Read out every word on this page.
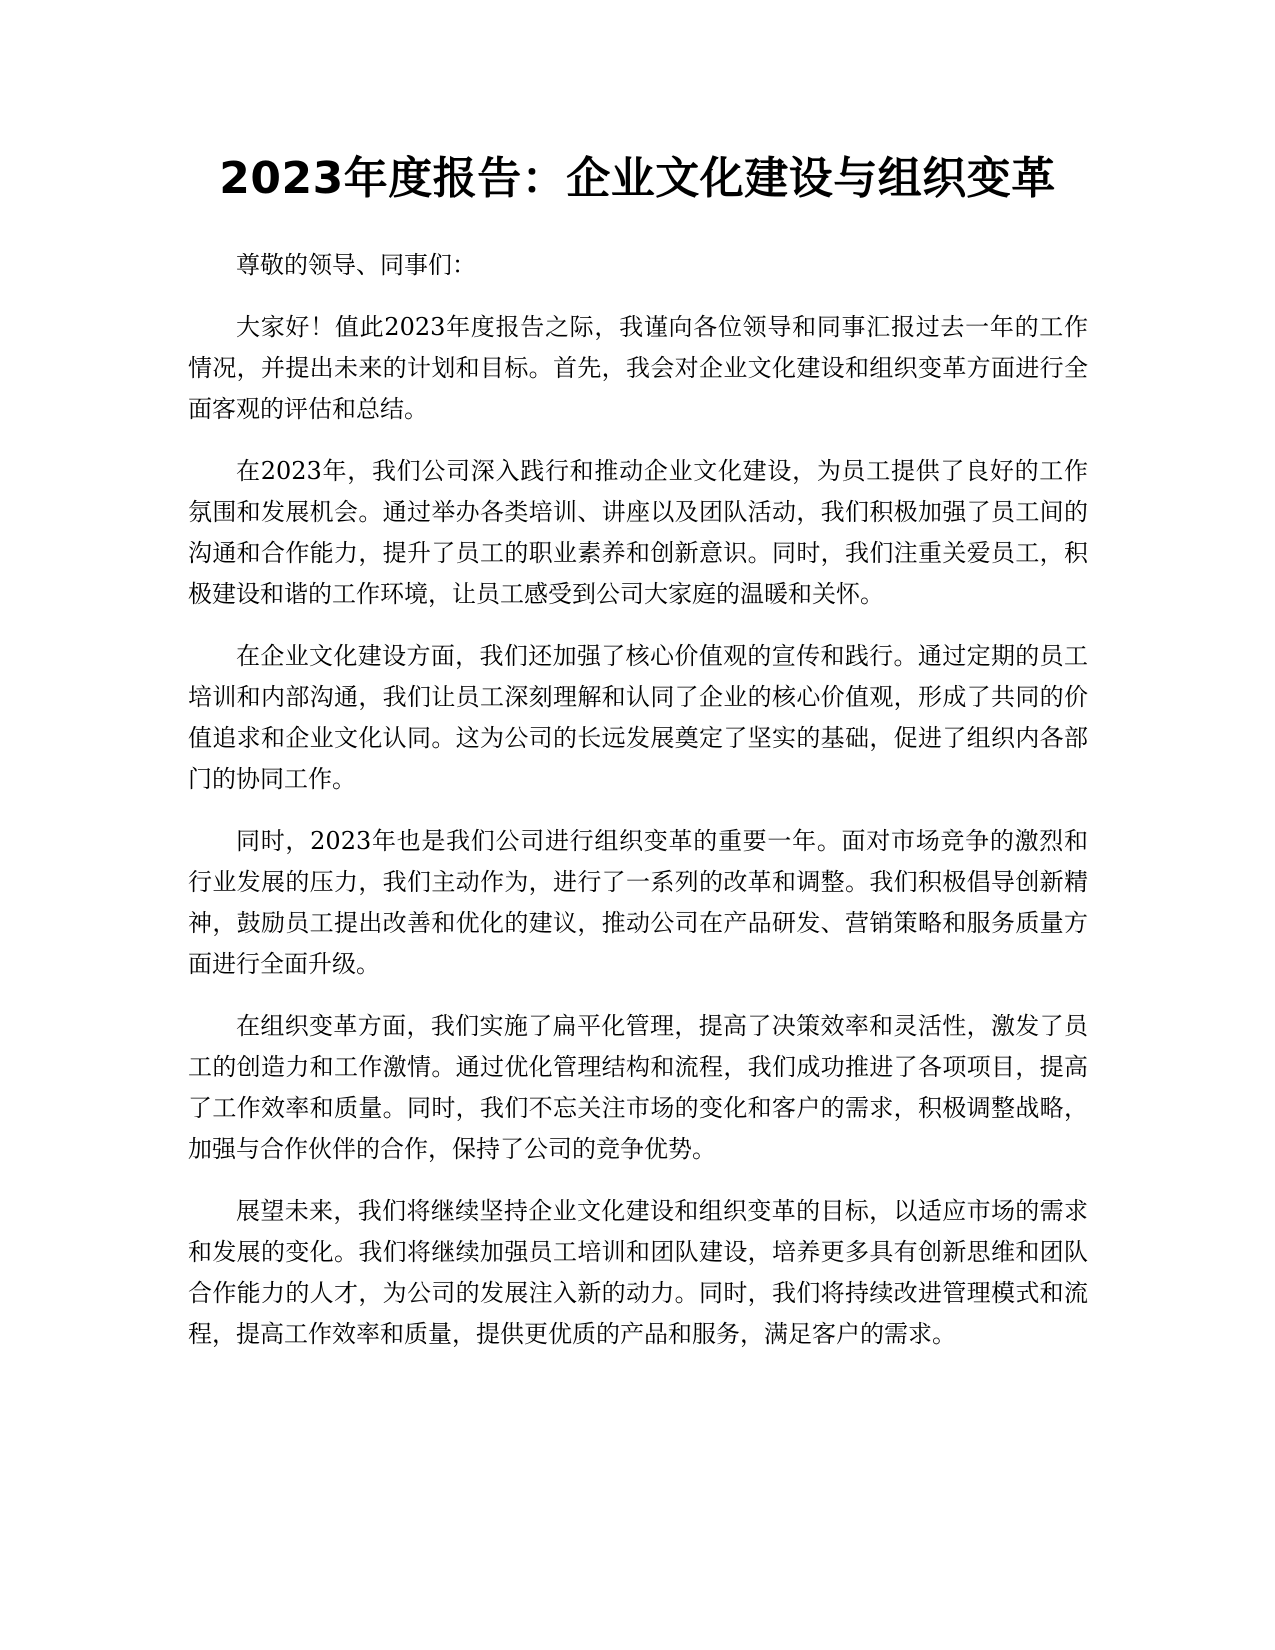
2023年度报告：企业文化建设与组织变革

尊敬的领导、同事们：

大家好！值此2023年度报告之际，我谨向各位领导和同事汇报过去一年的工作情况，并提出未来的计划和目标。首先，我会对企业文化建设和组织变革方面进行全面客观的评估和总结。

在2023年，我们公司深入践行和推动企业文化建设，为员工提供了良好的工作氛围和发展机会。通过举办各类培训、讲座以及团队活动，我们积极加强了员工间的沟通和合作能力，提升了员工的职业素养和创新意识。同时，我们注重关爱员工，积极建设和谐的工作环境，让员工感受到公司大家庭的温暖和关怀。

在企业文化建设方面，我们还加强了核心价值观的宣传和践行。通过定期的员工培训和内部沟通，我们让员工深刻理解和认同了企业的核心价值观，形成了共同的价值追求和企业文化认同。这为公司的长远发展奠定了坚实的基础，促进了组织内各部门的协同工作。

同时，2023年也是我们公司进行组织变革的重要一年。面对市场竞争的激烈和行业发展的压力，我们主动作为，进行了一系列的改革和调整。我们积极倡导创新精神，鼓励员工提出改善和优化的建议，推动公司在产品研发、营销策略和服务质量方面进行全面升级。

在组织变革方面，我们实施了扁平化管理，提高了决策效率和灵活性，激发了员工的创造力和工作激情。通过优化管理结构和流程，我们成功推进了各项项目，提高了工作效率和质量。同时，我们不忘关注市场的变化和客户的需求，积极调整战略，加强与合作伙伴的合作，保持了公司的竞争优势。

展望未来，我们将继续坚持企业文化建设和组织变革的目标，以适应市场的需求和发展的变化。我们将继续加强员工培训和团队建设，培养更多具有创新思维和团队合作能力的人才，为公司的发展注入新的动力。同时，我们将持续改进管理模式和流程，提高工作效率和质量，提供更优质的产品和服务，满足客户的需求。
